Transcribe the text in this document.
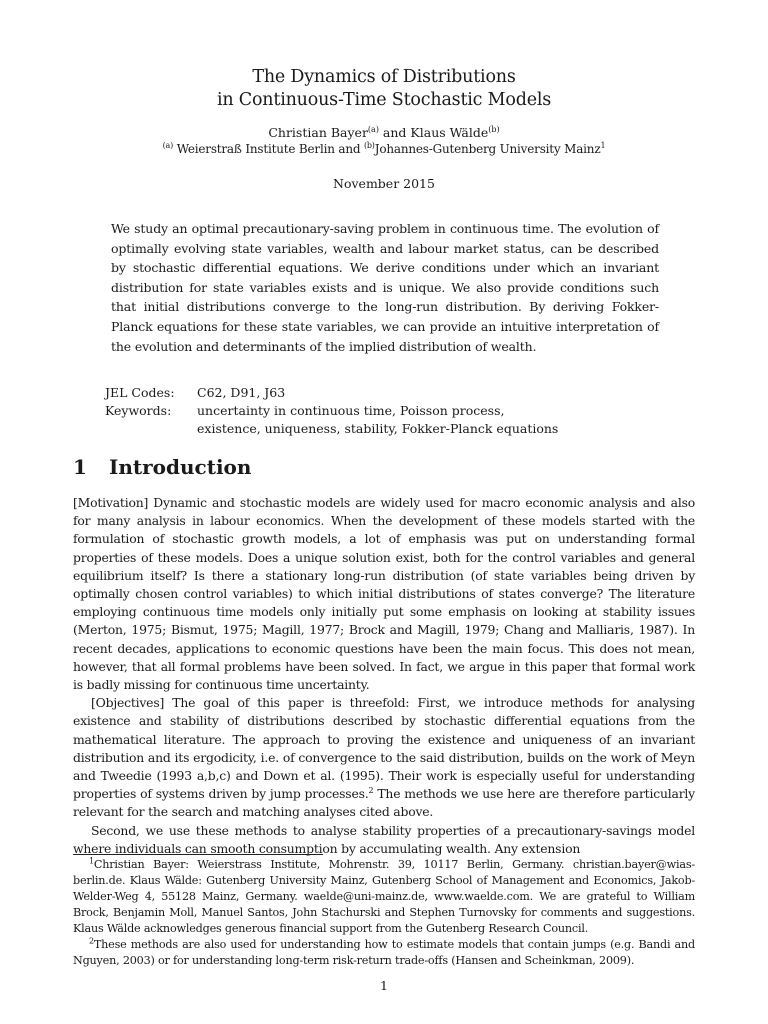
The Dynamics of Distributions
in Continuous-Time Stochastic Models
Christian Bayer$^{(a)}$ and Klaus Wälde$^{(b)}$
$^{(a)}$ Weierstraß Institute Berlin and $^{(b)}$Johannes-Gutenberg University Mainz$^1$
November 2015
We study an optimal precautionary-saving problem in continuous time. The evolution of optimally evolving state variables, wealth and labour market status, can be described by stochastic differential equations. We derive conditions under which an invariant distribution for state variables exists and is unique. We also provide conditions such that initial distributions converge to the long-run distribution. By deriving Fokker-Planck equations for these state variables, we can provide an intuitive interpretation of the evolution and determinants of the implied distribution of wealth.
JEL Codes: C62, D91, J63
Keywords: uncertainty in continuous time, Poisson process,
existence, uniqueness, stability, Fokker-Planck equations
1 Introduction

[Motivation] Dynamic and stochastic models are widely used for macro economic analysis and also for many analysis in labour economics. When the development of these models started with the formulation of stochastic growth models, a lot of emphasis was put on understanding formal properties of these models. Does a unique solution exist, both for the control variables and general equilibrium itself? Is there a stationary long-run distribution (of state variables being driven by optimally chosen control variables) to which initial distributions of states converge? The literature employing continuous time models only initially put some emphasis on looking at stability issues (Merton, 1975; Bismut, 1975; Magill, 1977; Brock and Magill, 1979; Chang and Malliaris, 1987). In recent decades, applications to economic questions have been the main focus. This does not mean, however, that all formal problems have been solved. In fact, we argue in this paper that formal work is badly missing for continuous time uncertainty.

[Objectives] The goal of this paper is threefold: First, we introduce methods for analysing existence and stability of distributions described by stochastic differential equations from the mathematical literature. The approach to proving the existence and uniqueness of an invariant distribution and its ergodicity, i.e. of convergence to the said distribution, builds on the work of Meyn and Tweedie (1993 a,b,c) and Down et al. (1995). Their work is especially useful for understanding properties of systems driven by jump processes.$^2$ The methods we use here are therefore particularly relevant for the search and matching analyses cited above.

Second, we use these methods to analyse stability properties of a precautionary-savings model where individuals can smooth consumption by accumulating wealth. Any extension

$^1$Christian Bayer: Weierstrass Institute, Mohrenstr. 39, 10117 Berlin, Germany. christian.bayer@wias-berlin.de. Klaus Wälde: Gutenberg University Mainz, Gutenberg School of Management and Economics, Jakob-Welder-Weg 4, 55128 Mainz, Germany. waelde@uni-mainz.de, www.waelde.com. We are grateful to William Brock, Benjamin Moll, Manuel Santos, John Stachurski and Stephen Turnovsky for comments and suggestions. Klaus Wälde acknowledges generous financial support from the Gutenberg Research Council.

$^2$These methods are also used for understanding how to estimate models that contain jumps (e.g. Bandi and Nguyen, 2003) or for understanding long-term risk-return trade-offs (Hansen and Scheinkman, 2009).

1
